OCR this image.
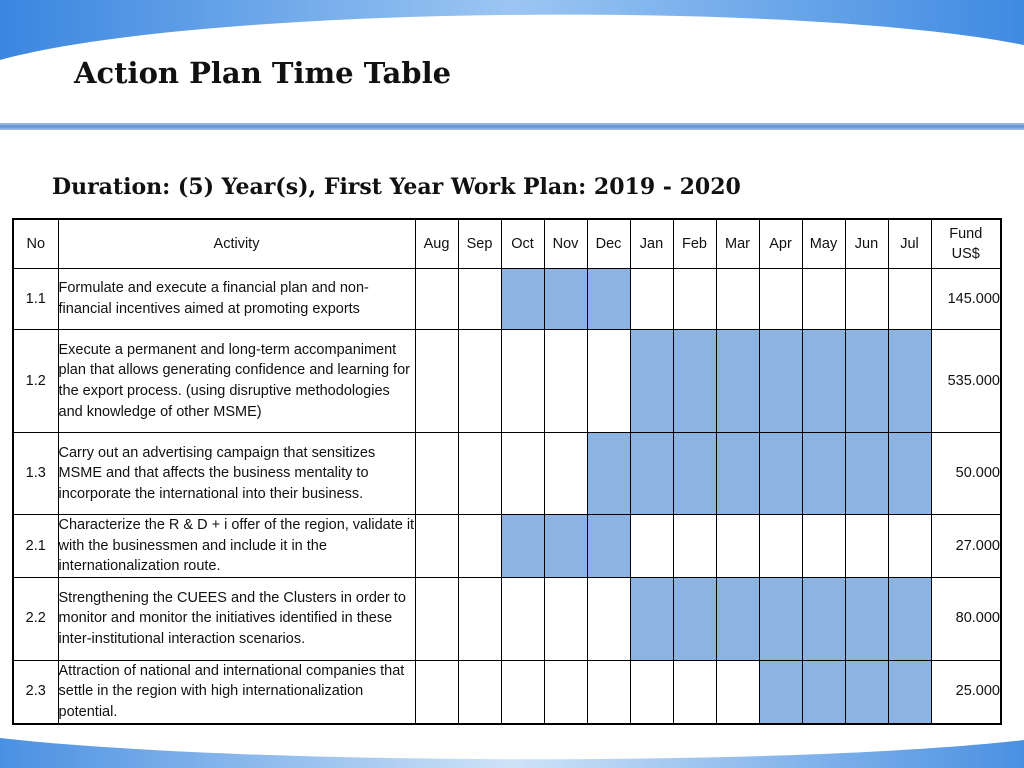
Action Plan Time Table
Duration: (5) Year(s), First Year Work Plan: 2019 - 2020
No	Activity	Aug	Sep	Oct	Nov	Dec	Jan	Feb	Mar	Apr	May	Jun	Jul	Fund US$
1.1	Formulate and execute a financial plan and non-financial incentives aimed at promoting exports													145.000
1.2	Execute a permanent and long-term accompaniment plan that allows generating confidence and learning for the export process. (using disruptive methodologies and knowledge of other MSME)													535.000
1.3	Carry out an advertising campaign that sensitizes MSME and that affects the business mentality to incorporate the international into their business.													50.000
2.1	Characterize the R & D + i offer of the region, validate it with the businessmen and include it in the internationalization route.													27.000
2.2	Strengthening the CUEES and the Clusters in order to monitor and monitor the initiatives identified in these inter-institutional interaction scenarios.													80.000
2.3	Attraction of national and international companies that settle in the region with high internationalization potential.													25.000
